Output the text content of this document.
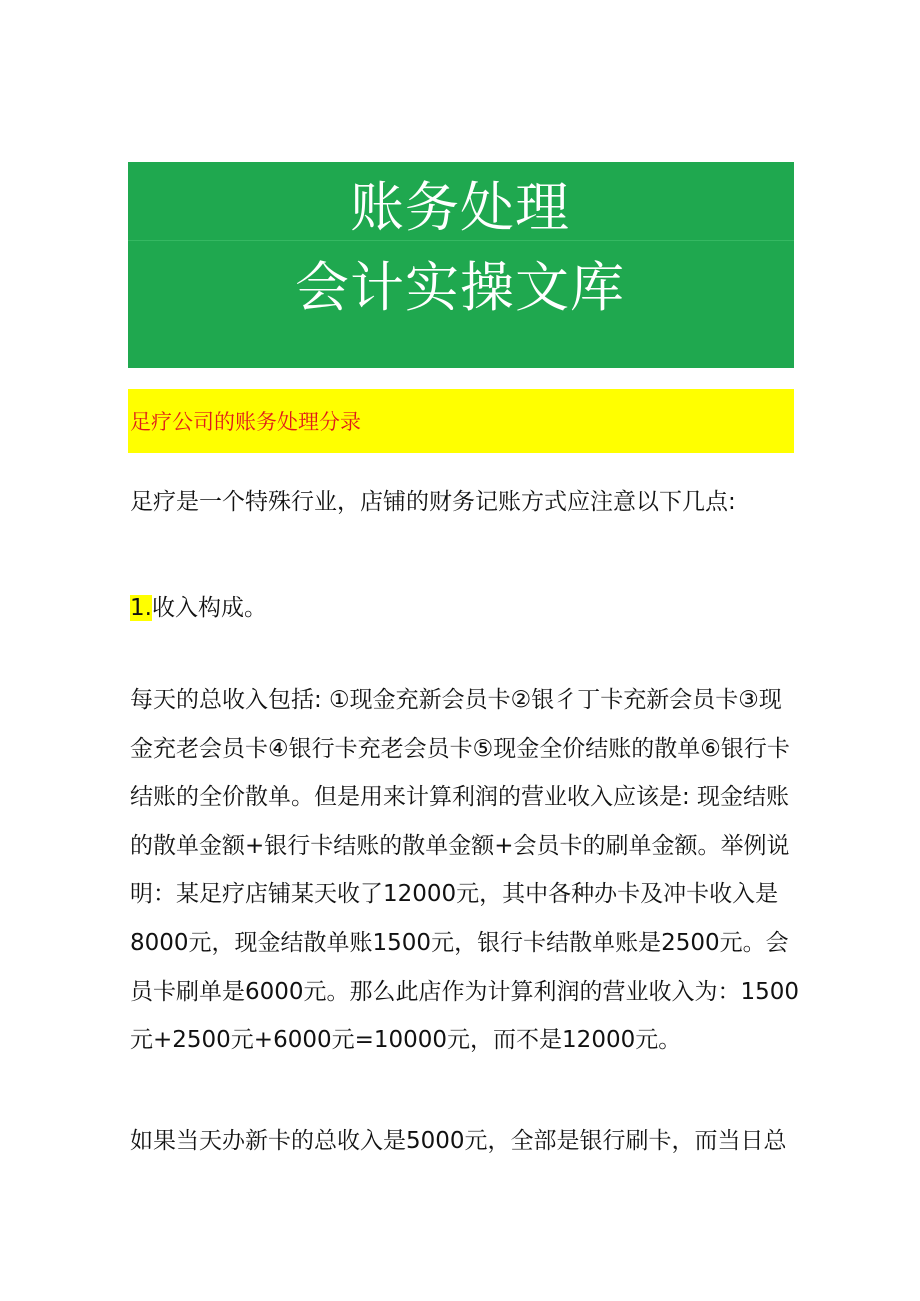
账务处理
会计实操文库
足疗公司的账务处理分录

足疗是一个特殊行业，店铺的财务记账方式应注意以下几点:

1.收入构成。

每天的总收入包括: ①现金充新会员卡②银彳丁卡充新会员卡③现金充老会员卡④银行卡充老会员卡⑤现金全价结账的散单⑥银行卡结账的全价散单。但是用来计算利润的营业收入应该是: 现金结账的散单金额+银行卡结账的散单金额+会员卡的刷单金额。举例说明：某足疗店铺某天收了12000元，其中各种办卡及冲卡收入是8000元，现金结散单账1500元，银行卡结散单账是2500元。会员卡刷单是6000元。那么此店作为计算利润的营业收入为：1500元+2500元+6000元=10000元，而不是12000元。

如果当天办新卡的总收入是5000元，全部是银行刷卡，而当日总
